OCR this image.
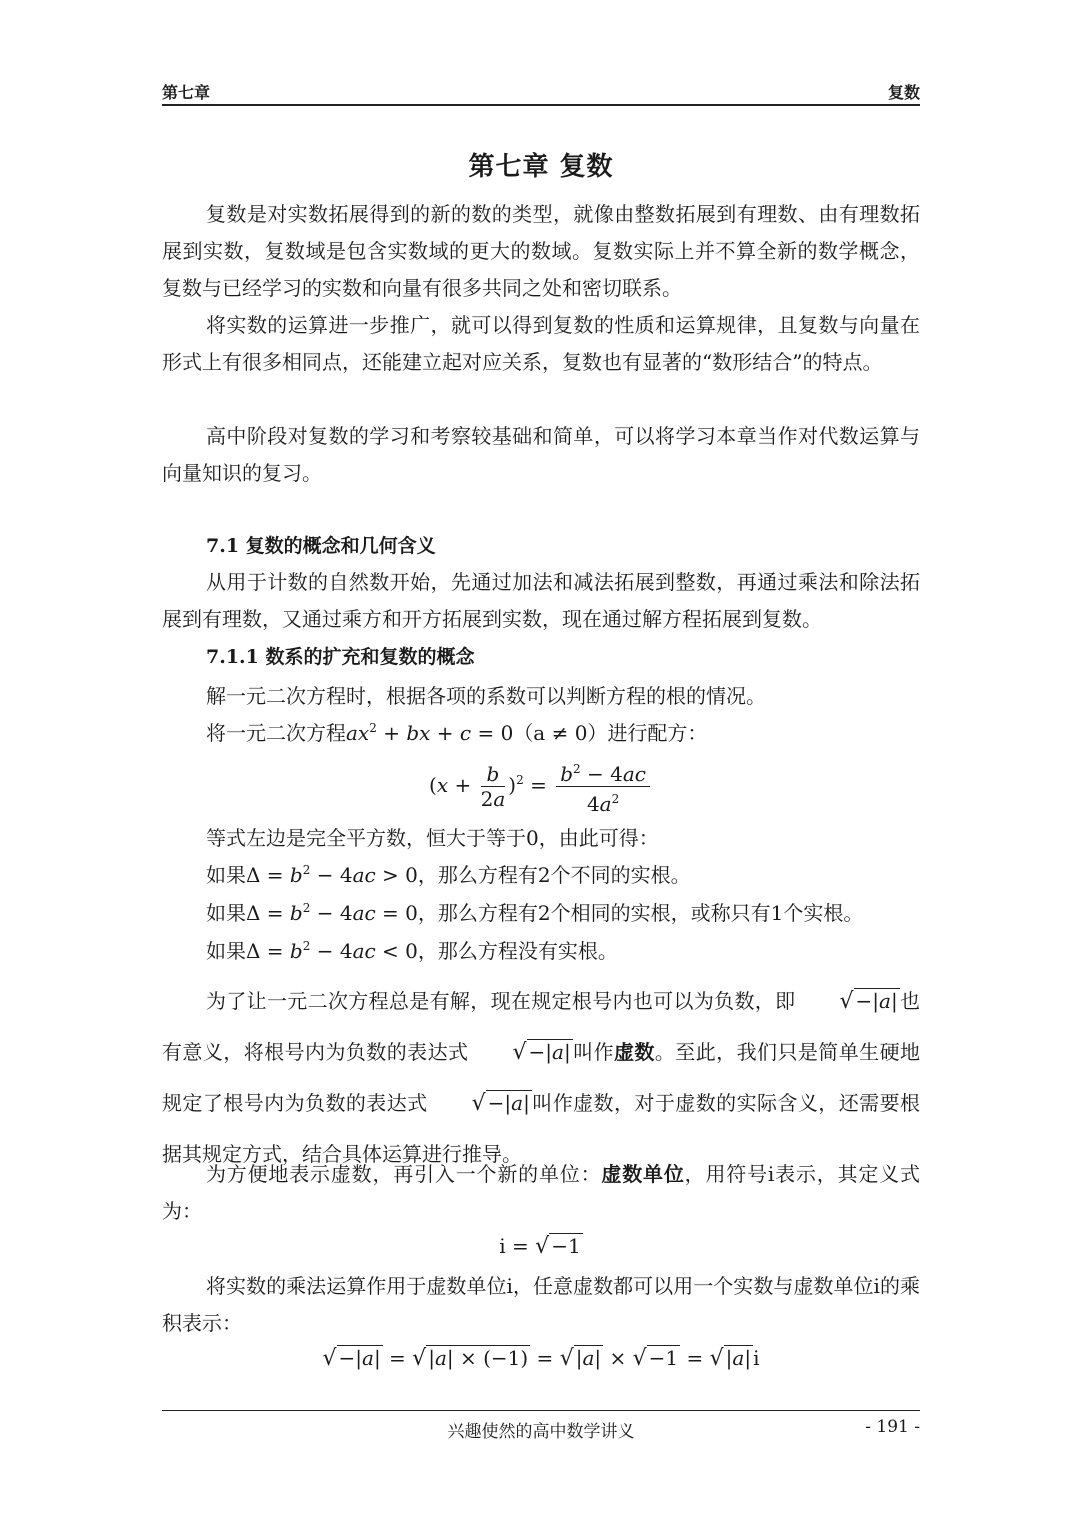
第七章	复数
第七章 复数
复数是对实数拓展得到的新的数的类型，就像由整数拓展到有理数、由有理数拓展到实数，复数域是包含实数域的更大的数域。复数实际上并不算全新的数学概念，复数与已经学习的实数和向量有很多共同之处和密切联系。
将实数的运算进一步推广，就可以得到复数的性质和运算规律，且复数与向量在形式上有很多相同点，还能建立起对应关系，复数也有显著的“数形结合”的特点。
高中阶段对复数的学习和考察较基础和简单，可以将学习本章当作对代数运算与向量知识的复习。
7.1 复数的概念和几何含义
从用于计数的自然数开始，先通过加法和减法拓展到整数，再通过乘法和除法拓展到有理数，又通过乘方和开方拓展到实数，现在通过解方程拓展到复数。
7.1.1 数系的扩充和复数的概念
解一元二次方程时，根据各项的系数可以判断方程的根的情况。
将一元二次方程$ax^2$ + bx + c = 0（a ≠ 0）进行配方：
$(x + \frac{b}{2a} )^2 = \frac{b^2 - 4ac}{4a^2}$
等式左边是完全平方数，恒大于等于0，由此可得：
如果$\Delta = b^2 - 4ac > 0$，那么方程有2个不同的实根。
如果$\Delta = b^2 - 4ac = 0$，那么方程有2个相同的实根，或称只有1个实根。
如果$\Delta = b^2 - 4ac < 0$，那么方程没有实根。
为了让一元二次方程总是有解，现在规定根号内也可以为负数，即 √ −|a| 也有意义，将根号内为负数的表达式 √ −|a| 叫作虚数。至此，我们只是简单生硬地规定了根号内为负数的表达式 √ −|a| 叫作虚数，对于虚数的实际含义，还需要根据其规定方式，结合具体运算进行推导。
为方便地表示虚数，再引入一个新的单位：虚数单位，用符号i表示，其定义式为：
i = √ −1
将实数的乘法运算作用于虚数单位i，任意虚数都可以用一个实数与虚数单位i的乘积表示：
√ −|a| = √ |a| × (−1) = √ |a| × √ −1 = √ |a| i
兴趣使然的高中数学讲义	- 191 -
